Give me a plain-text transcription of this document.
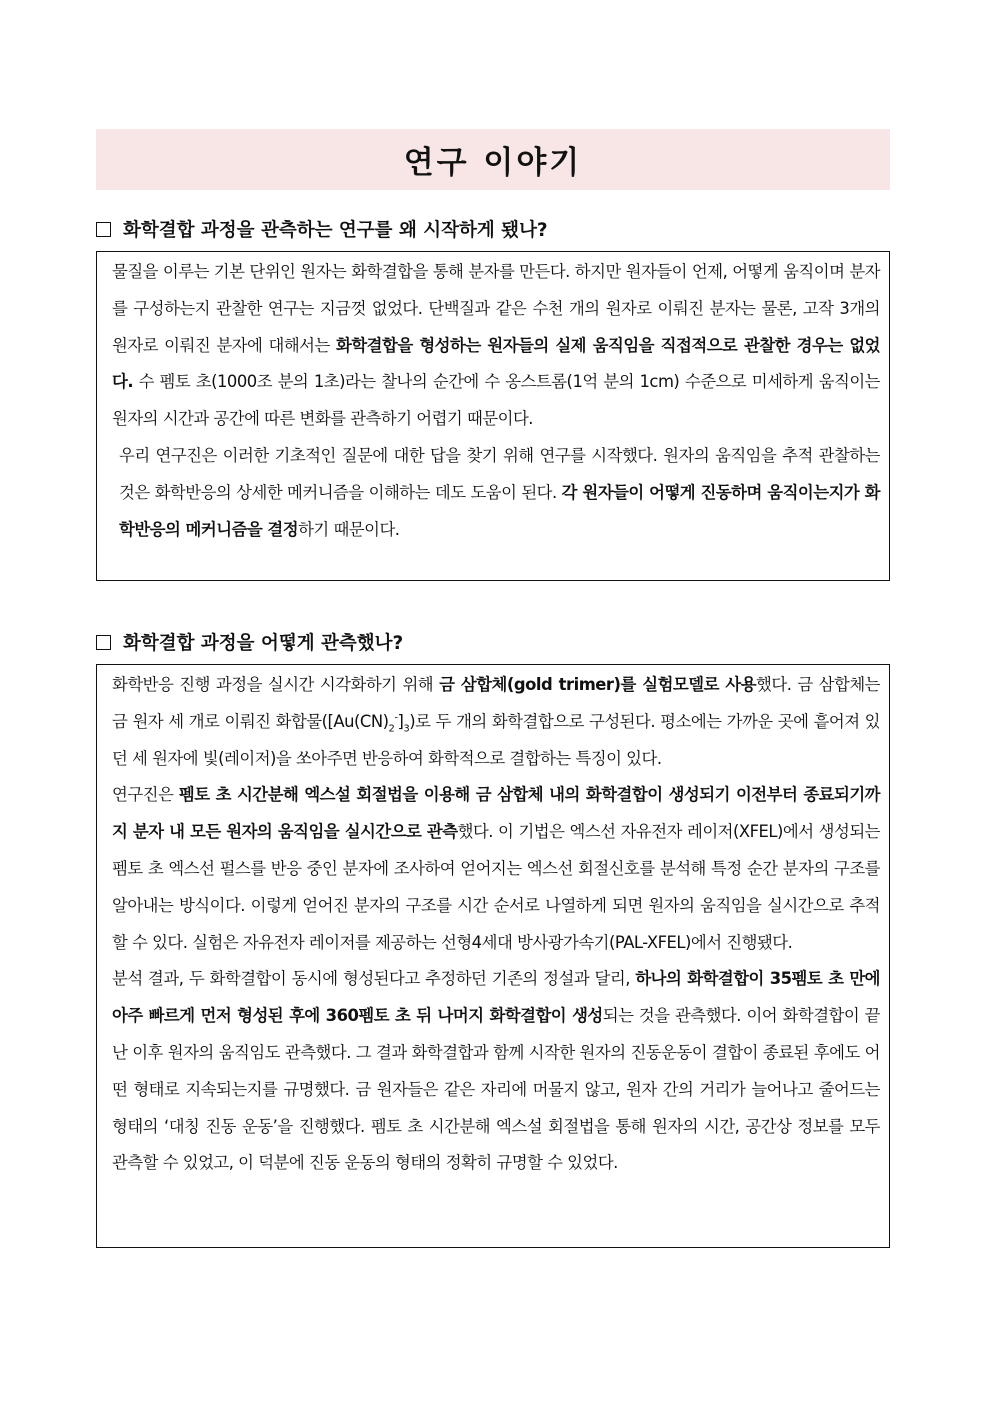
연구 이야기
화학결합 과정을 관측하는 연구를 왜 시작하게 됐나?

물질을 이루는 기본 단위인 원자는 화학결합을 통해 분자를 만든다. 하지만 원자들이 언제, 어떻게 움직이며 분자를 구성하는지 관찰한 연구는 지금껏 없었다. 단백질과 같은 수천 개의 원자로 이뤄진 분자는 물론, 고작 3개의 원자로 이뤄진 분자에 대해서는 화학결합을 형성하는 원자들의 실제 움직임을 직접적으로 관찰한 경우는 없었다. 수 펨토 초(1000조 분의 1초)라는 찰나의 순간에 수 옹스트롬(1억 분의 1cm) 수준으로 미세하게 움직이는 원자의 시간과 공간에 따른 변화를 관측하기 어렵기 때문이다.

우리 연구진은 이러한 기초적인 질문에 대한 답을 찾기 위해 연구를 시작했다. 원자의 움직임을 추적 관찰하는 것은 화학반응의 상세한 메커니즘을 이해하는 데도 도움이 된다. 각 원자들이 어떻게 진동하며 움직이는지가 화학반응의 메커니즘을 결정하기 때문이다.

화학결합 과정을 어떻게 관측했나?

화학반응 진행 과정을 실시간 시각화하기 위해 금 삼합체(gold trimer)를 실험모델로 사용했다. 금 삼합체는 금 원자 세 개로 이뤄진 화합물$([Au(CN)_2^-]_3)$로 두 개의 화학결합으로 구성된다. 평소에는 가까운 곳에 흩어져 있던 세 원자에 빛(레이저)을 쏘아주면 반응하여 화학적으로 결합하는 특징이 있다.

연구진은 펨토 초 시간분해 엑스설 회절법을 이용해 금 삼합체 내의 화학결합이 생성되기 이전부터 종료되기까지 분자 내 모든 원자의 움직임을 실시간으로 관측했다. 이 기법은 엑스선 자유전자 레이저(XFEL)에서 생성되는 펨토 초 엑스선 펄스를 반응 중인 분자에 조사하여 얻어지는 엑스선 회절신호를 분석해 특정 순간 분자의 구조를 알아내는 방식이다. 이렇게 얻어진 분자의 구조를 시간 순서로 나열하게 되면 원자의 움직임을 실시간으로 추적할 수 있다. 실험은 자유전자 레이저를 제공하는 선형4세대 방사광가속기(PAL-XFEL)에서 진행됐다.

분석 결과, 두 화학결합이 동시에 형성된다고 추정하던 기존의 정설과 달리, 하나의 화학결합이 35펨토 초 만에 아주 빠르게 먼저 형성된 후에 360펨토 초 뒤 나머지 화학결합이 생성되는 것을 관측했다. 이어 화학결합이 끝난 이후 원자의 움직임도 관측했다. 그 결과 화학결합과 함께 시작한 원자의 진동운동이 결합이 종료된 후에도 어떤 형태로 지속되는지를 규명했다. 금 원자들은 같은 자리에 머물지 않고, 원자 간의 거리가 늘어나고 줄어드는 형태의 ‘대칭 진동 운동’을 진행했다. 펨토 초 시간분해 엑스설 회절법을 통해 원자의 시간, 공간상 정보를 모두 관측할 수 있었고, 이 덕분에 진동 운동의 형태의 정확히 규명할 수 있었다.
